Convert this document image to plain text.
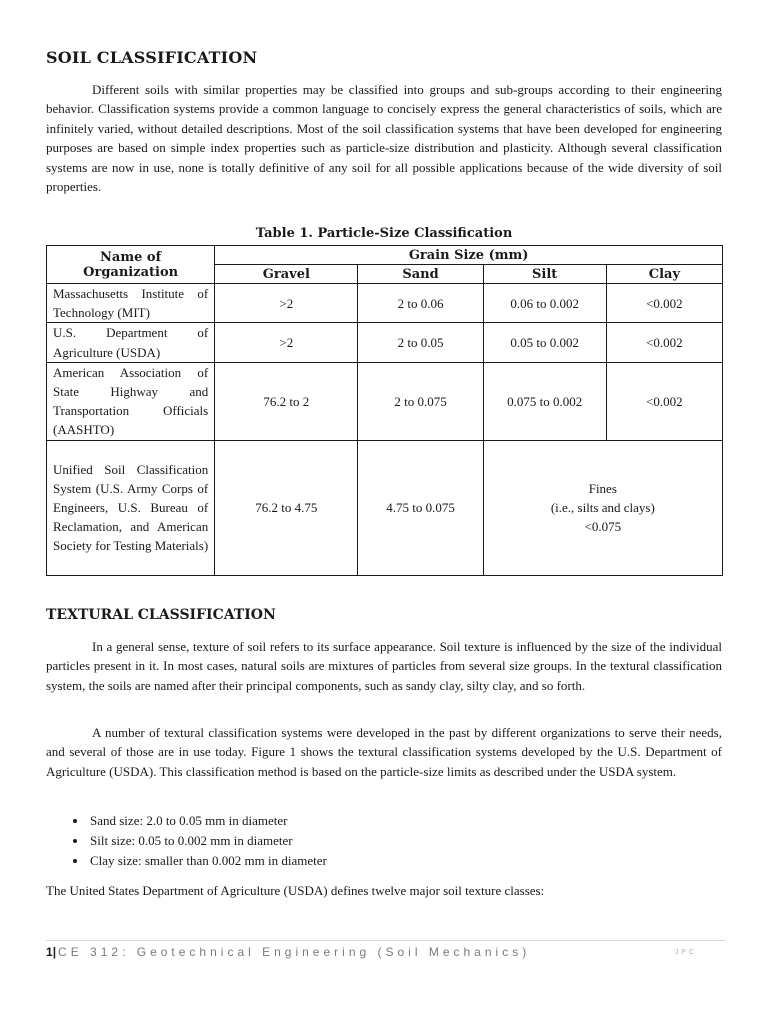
SOIL CLASSIFICATION

Different soils with similar properties may be classified into groups and sub-groups according to their engineering behavior. Classification systems provide a common language to concisely express the general characteristics of soils, which are infinitely varied, without detailed descriptions. Most of the soil classification systems that have been developed for engineering purposes are based on simple index properties such as particle-size distribution and plasticity. Although several classification systems are now in use, none is totally definitive of any soil for all possible applications because of the wide diversity of soil properties.

Table 1. Particle-Size Classification
Name of Organization	Grain Size (mm)			
	Gravel	Sand	Silt	Clay
Massachusetts Institute of Technology (MIT)	>2	2 to 0.06	0.06 to 0.002	<0.002
U.S. Department of Agriculture (USDA)	>2	2 to 0.05	0.05 to 0.002	<0.002
American Association of State Highway and Transportation Officials (AASHTO)	76.2 to 2	2 to 0.075	0.075 to 0.002	<0.002
Unified Soil Classification System (U.S. Army Corps of Engineers, U.S. Bureau of Reclamation, and American Society for Testing Materials)	76.2 to 4.75	4.75 to 0.075	Fines
(i.e., silts and clays)
<0.075	
TEXTURAL CLASSIFICATION

In a general sense, texture of soil refers to its surface appearance. Soil texture is influenced by the size of the individual particles present in it. In most cases, natural soils are mixtures of particles from several size groups. In the textural classification system, the soils are named after their principal components, such as sandy clay, silty clay, and so forth.

A number of textural classification systems were developed in the past by different organizations to serve their needs, and several of those are in use today. Figure 1 shows the textural classification systems developed by the U.S. Department of Agriculture (USDA). This classification method is based on the particle-size limits as described under the USDA system.

• Sand size: 2.0 to 0.05 mm in diameter
• Silt size: 0.05 to 0.002 mm in diameter
• Clay size: smaller than 0.002 mm in diameter

The United States Department of Agriculture (USDA) defines twelve major soil texture classes:

1| CE 312: Geotechnical Engineering (Soil Mechanics)	JPC
